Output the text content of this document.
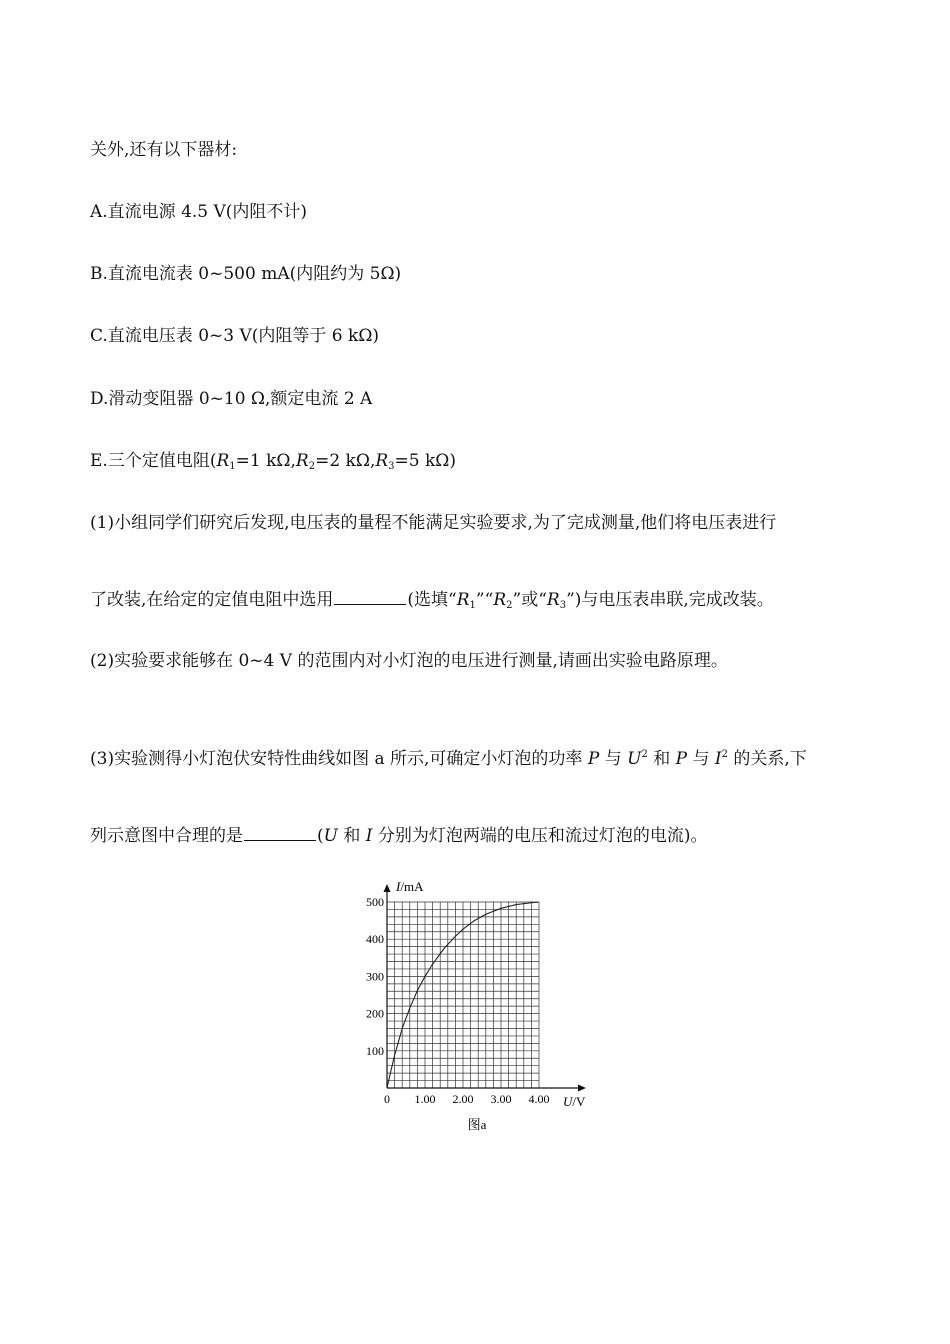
关外,还有以下器材:
A.直流电源 4.5 V(内阻不计)
B.直流电流表 0~500 mA(内阻约为 5Ω)
C.直流电压表 0~3 V(内阻等于 6 kΩ)
D.滑动变阻器 0~10 Ω,额定电流 2 A
E.三个定值电阻($R_1=1$ $k\Omega,R_2=2$ $k\Omega,R_3=5$ kΩ)
(1)小组同学们研究后发现,电压表的量程不能满足实验要求,为了完成测量,他们将电压表进行
了改装,在给定的定值电阻中选用	(选填“$R_1”“R_2$”或“$R_3$”)与电压表串联,完成改装。
(2)实验要求能够在 0~4 V 的范围内对小灯泡的电压进行测量,请画出实验电路原理。
(3)实验测得小灯泡伏安特性曲线如图 a 所示,可确定小灯泡的功率 P 与 $U^2$ 和 P 与 $I^2$ 的关系,下
列示意图中合理的是	(U 和 I 分别为灯泡两端的电压和流过灯泡的电流)。
I/mA
U/V
0 1.00 2.00 3.00 4.00
100
200
300
400
500
图a
